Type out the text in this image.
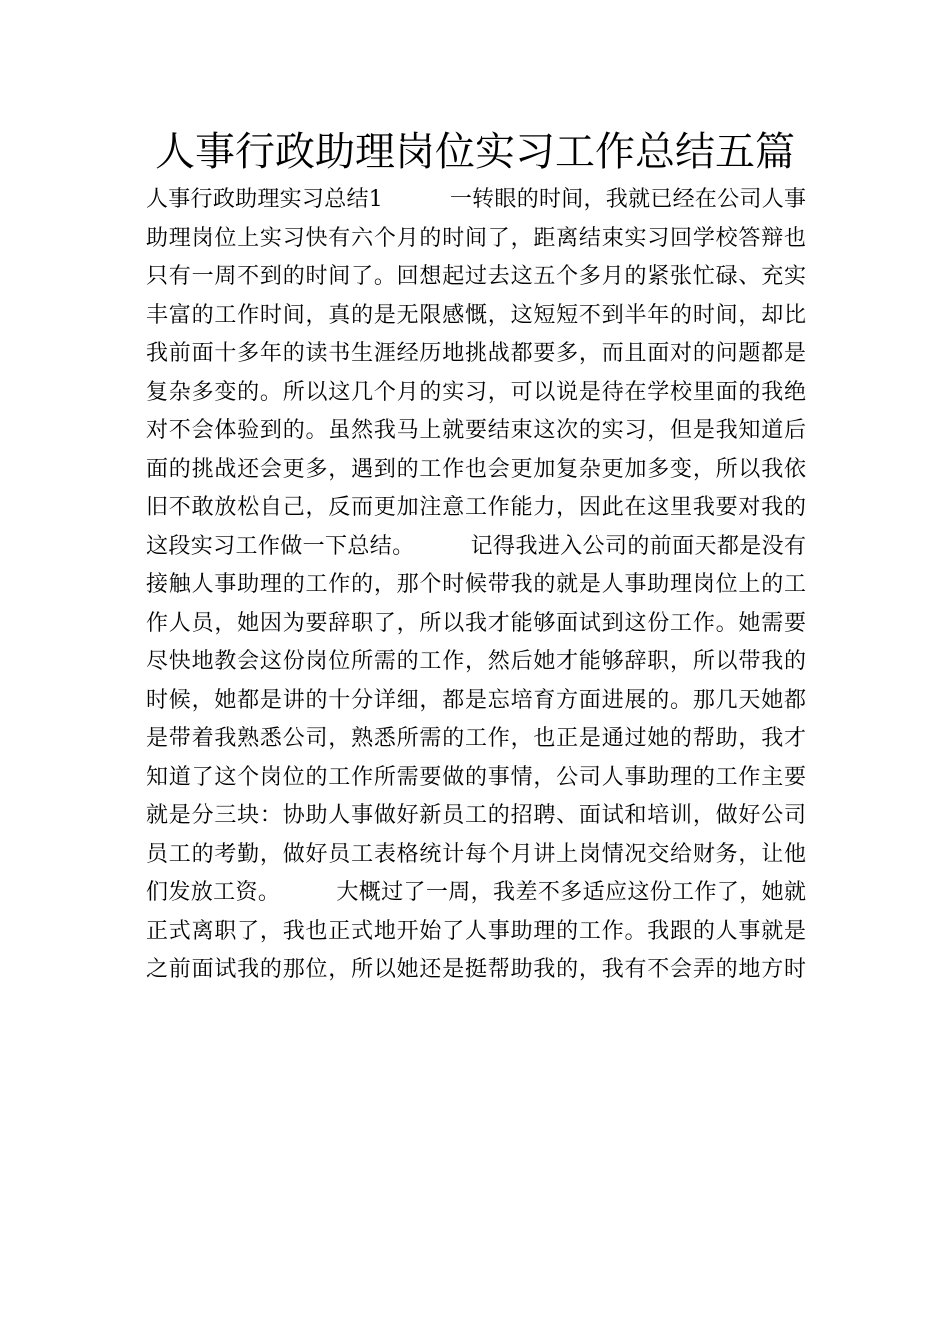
人事行政助理岗位实习工作总结五篇
人事行政助理实习总结1　　　一转眼的时间，我就已经在公司人事
助理岗位上实习快有六个月的时间了，距离结束实习回学校答辩也
只有一周不到的时间了。回想起过去这五个多月的紧张忙碌、充实
丰富的工作时间，真的是无限感慨，这短短不到半年的时间，却比
我前面十多年的读书生涯经历地挑战都要多，而且面对的问题都是
复杂多变的。所以这几个月的实习，可以说是待在学校里面的我绝
对不会体验到的。虽然我马上就要结束这次的实习，但是我知道后
面的挑战还会更多，遇到的工作也会更加复杂更加多变，所以我依
旧不敢放松自己，反而更加注意工作能力，因此在这里我要对我的
这段实习工作做一下总结。　　　记得我进入公司的前面天都是没有
接触人事助理的工作的，那个时候带我的就是人事助理岗位上的工
作人员，她因为要辞职了，所以我才能够面试到这份工作。她需要
尽快地教会这份岗位所需的工作，然后她才能够辞职，所以带我的
时候，她都是讲的十分详细，都是忘培育方面进展的。那几天她都
是带着我熟悉公司，熟悉所需的工作，也正是通过她的帮助，我才
知道了这个岗位的工作所需要做的事情，公司人事助理的工作主要
就是分三块：协助人事做好新员工的招聘、面试和培训，做好公司
员工的考勤，做好员工表格统计每个月讲上岗情况交给财务，让他
们发放工资。　　　大概过了一周，我差不多适应这份工作了，她就
正式离职了，我也正式地开始了人事助理的工作。我跟的人事就是
之前面试我的那位，所以她还是挺帮助我的，我有不会弄的地方时
